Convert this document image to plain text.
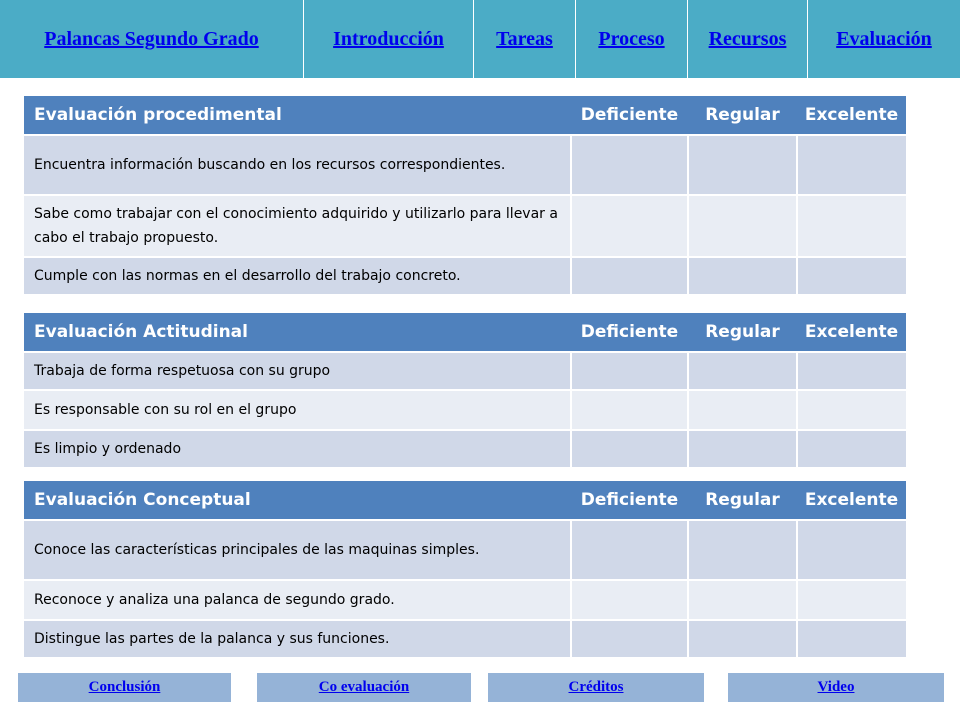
Palancas Segundo Grado	Introducción	Tareas Proceso Recursos Evaluación
Evaluación procedimental	Deficiente	Regular	Excelente
Encuentra información buscando en los recursos correspondientes.			
Sabe como trabajar con el conocimiento adquirido y utilizarlo para llevar a cabo el trabajo propuesto.			
Cumple con las normas en el desarrollo del trabajo concreto.			
Evaluación Actitudinal	Deficiente	Regular	Excelente
Trabaja de forma respetuosa con su grupo			
Es responsable con su rol en el grupo			
Es limpio y ordenado			
Evaluación Conceptual	Deficiente	Regular	Excelente
Conoce las características principales de las maquinas simples.			
Reconoce y analiza una palanca de segundo grado.			
Distingue las partes de la palanca y sus funciones.			
Conclusión	Co evaluación	Créditos	Video
